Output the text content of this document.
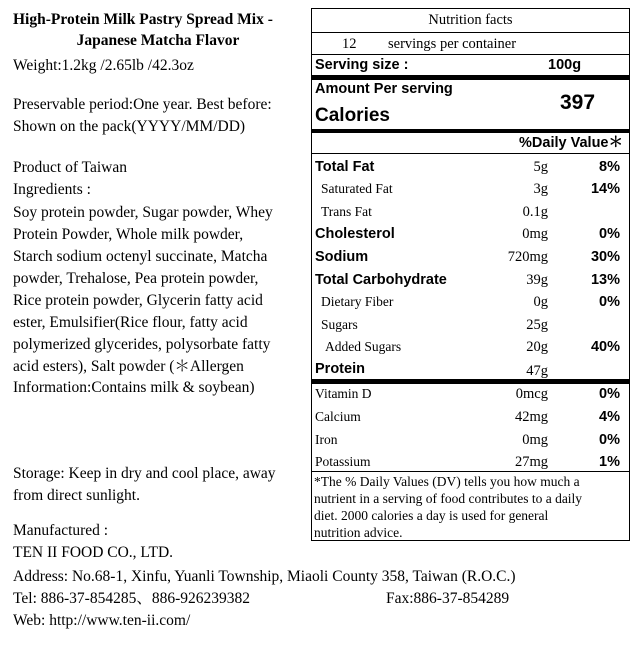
High-Protein Milk Pastry Spread Mix -
Japanese Matcha Flavor
Weight:1.2kg /2.65lb /42.3oz
Preservable period:One year. Best before:
Shown on the pack(YYYY/MM/DD)
Product of Taiwan
Ingredients :
Soy protein powder, Sugar powder, Whey
Protein Powder, Whole milk powder,
Starch sodium octenyl succinate, Matcha
powder, Trehalose, Pea protein powder,
Rice protein powder, Glycerin fatty acid
ester, Emulsifier(Rice flour, fatty acid
polymerized glycerides, polysorbate fatty
acid esters), Salt powder (＊Allergen
Information:Contains milk & soybean)
Storage: Keep in dry and cool place, away
from direct sunlight.
Manufactured :
TEN II FOOD CO., LTD.
Address: No.68-1, Xinfu, Yuanli Township, Miaoli County 358, Taiwan (R.O.C.)
Tel: 886-37-854285、886-926239382	Fax:886-37-854289
Web: http://www.ten-ii.com/
Nutrition facts
12 servings per container
Serving size :	100g
Amount Per serving
Calories
397
%Daily Value＊
Total Fat	5g	8%
Saturated Fat	3g	14%
Trans Fat	0.1g
Cholesterol	0mg	0%
Sodium	720mg	30%
Total Carbohydrate	39g	13%
Dietary Fiber	0g	0%
Sugars	25g
Added Sugars	20g	40%
Protein	47g
Vitamin D	0mcg	0%
Calcium	42mg	4%
Iron	0mg	0%
Potassium	27mg	1%
*The % Daily Values (DV) tells you how much a
nutrient in a serving of food contributes to a daily
diet. 2000 calories a day is used for general
nutrition advice.
